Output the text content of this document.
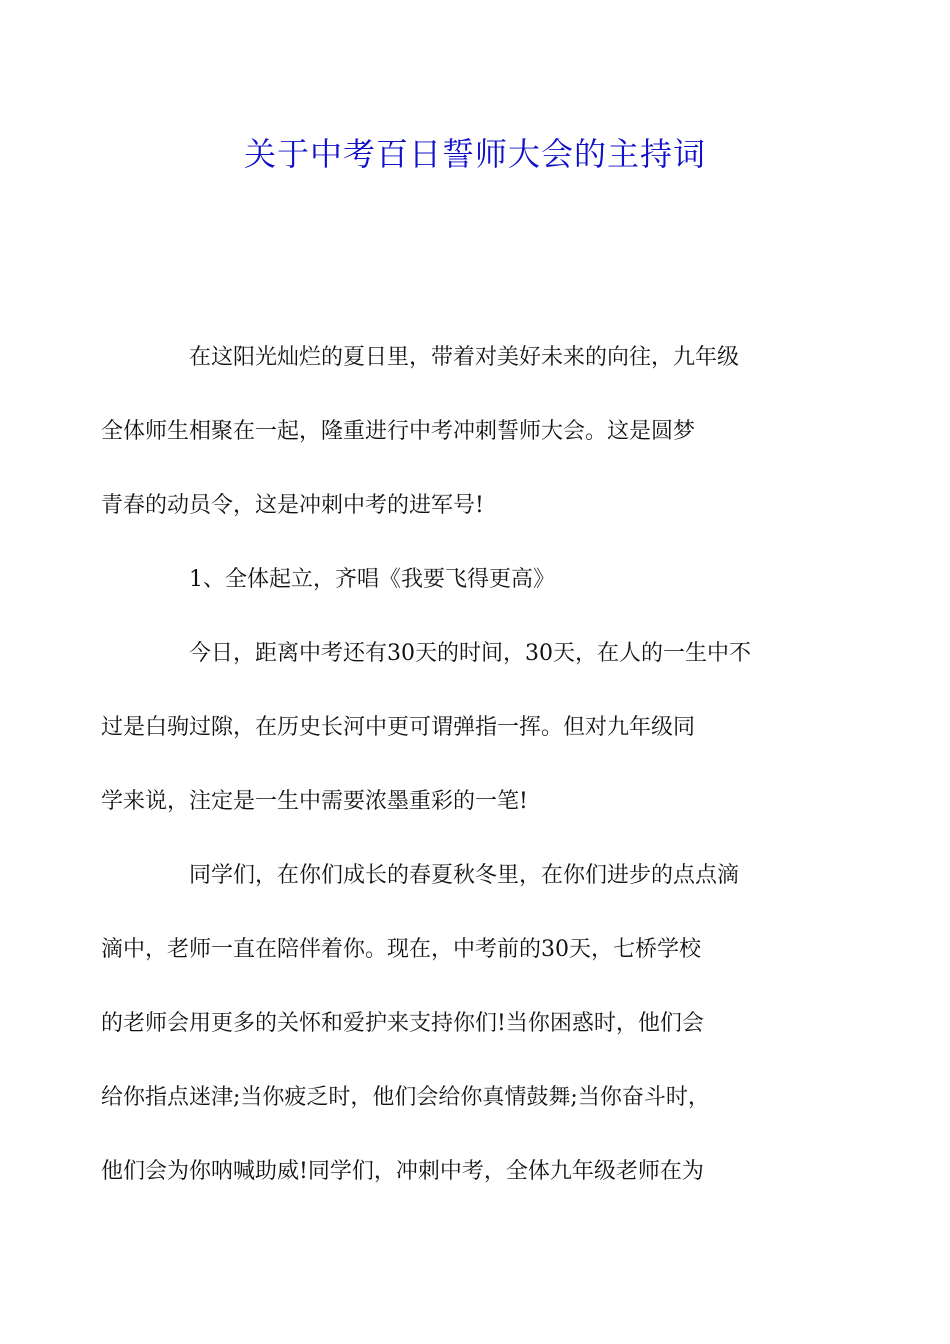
关于中考百日誓师大会的主持词

在这阳光灿烂的夏日里，带着对美好未来的向往，九年级
全体师生相聚在一起，隆重进行中考冲刺誓师大会。这是圆梦
青春的动员令，这是冲刺中考的进军号!

1、全体起立，齐唱《我要飞得更高》

今日，距离中考还有30天的时间，30天，在人的一生中不
过是白驹过隙，在历史长河中更可谓弹指一挥。但对九年级同
学来说，注定是一生中需要浓墨重彩的一笔!

同学们，在你们成长的春夏秋冬里，在你们进步的点点滴
滴中，老师一直在陪伴着你。现在，中考前的30天，七桥学校
的老师会用更多的关怀和爱护来支持你们!当你困惑时，他们会
给你指点迷津;当你疲乏时，他们会给你真情鼓舞;当你奋斗时，
他们会为你呐喊助威!同学们，冲刺中考，全体九年级老师在为
